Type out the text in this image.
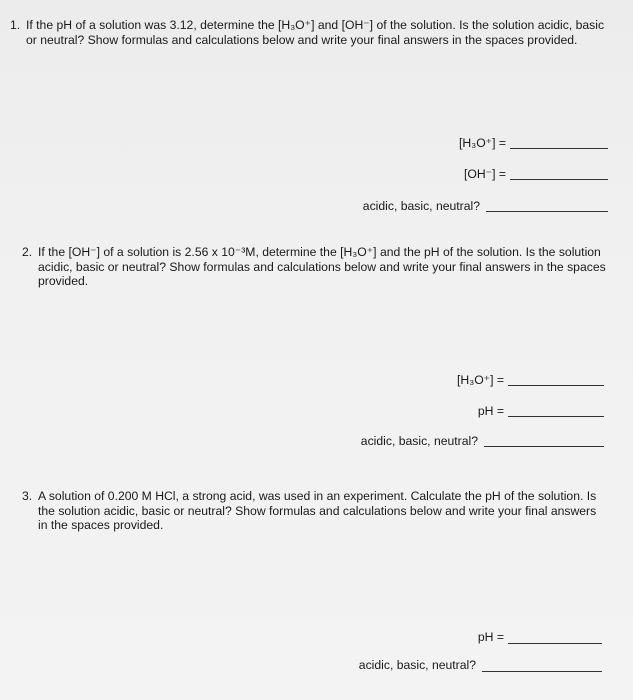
1. If the pH of a solution was 3.12, determine the [H₃O⁺] and [OH⁻] of the solution. Is the solution acidic, basic or neutral? Show formulas and calculations below and write your final answers in the spaces provided.
[H₃O⁺] =
[OH⁻] =
acidic, basic, neutral?
2. If the [OH⁻] of a solution is 2.56 x 10⁻³M, determine the [H₃O⁺] and the pH of the solution. Is the solution acidic, basic or neutral? Show formulas and calculations below and write your final answers in the spaces provided.
[H₃O⁺] =
pH =
acidic, basic, neutral?
3. A solution of 0.200 M HCl, a strong acid, was used in an experiment. Calculate the pH of the solution. Is the solution acidic, basic or neutral? Show formulas and calculations below and write your final answers in the spaces provided.
pH =
acidic, basic, neutral?
